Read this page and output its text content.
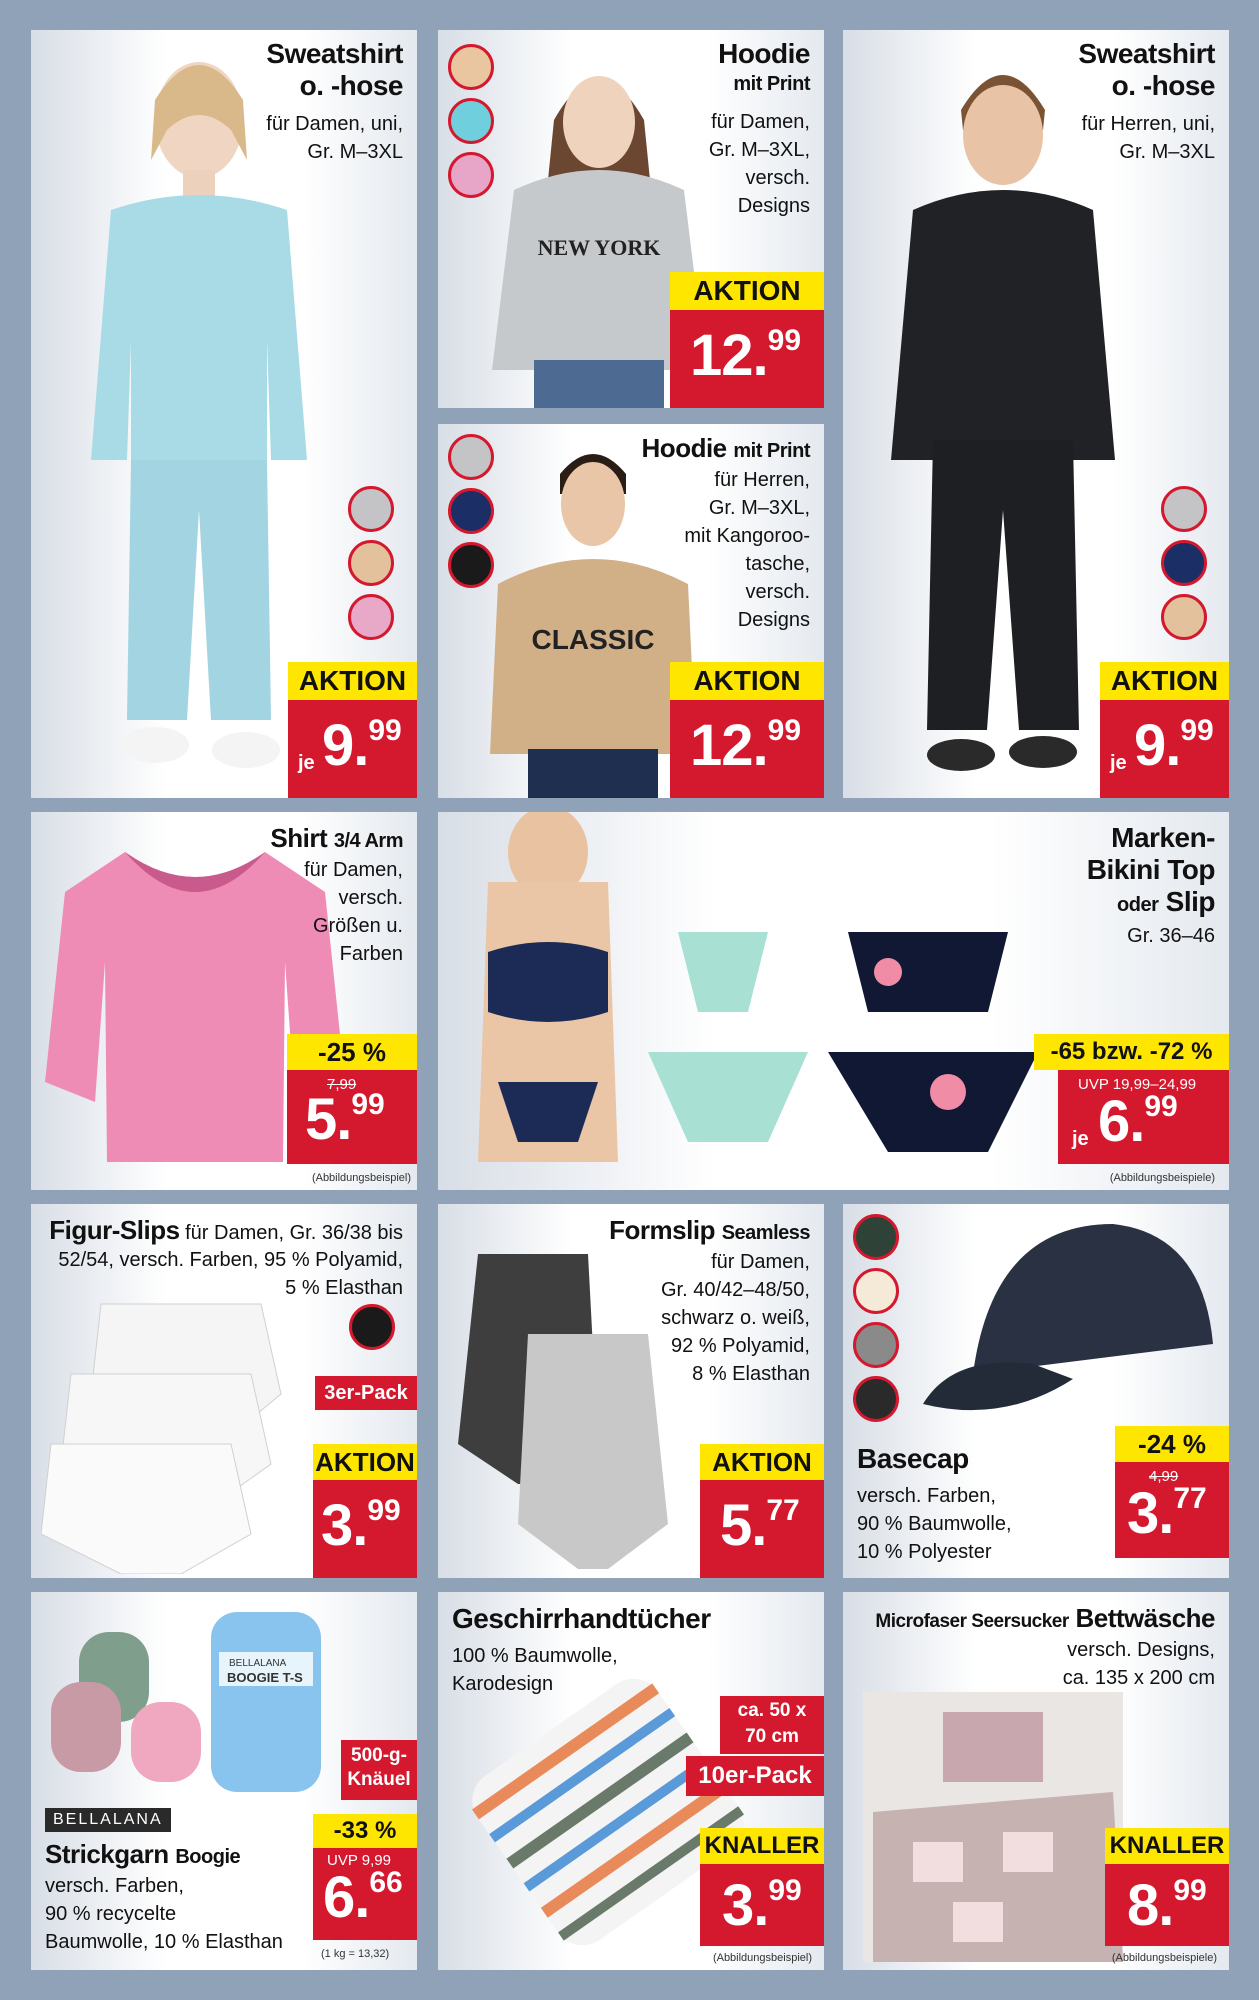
Sweatshirt
o. -hose
für Damen, uni,
Gr. M–3XL
AKTION
je 9.99
NEW YORK
Hoodie
mit Print
für Damen,
Gr. M–3XL,
versch.
Designs
AKTION
12.99
Sweatshirt
o. -hose
für Herren, uni,
Gr. M–3XL
AKTION
je 9.99
CLASSIC
Hoodie mit Print
für Herren,
Gr. M–3XL,
mit Kangoroo-
tasche,
versch.
Designs
AKTION
12.99
Shirt 3/4 Arm
für Damen,
versch.
Größen u.
Farben
-25 %
7,99
5.99
(Abbildungsbeispiel)
Marken-
Bikini Top
oder Slip
Gr. 36–46
-65 bzw. -72 %
UVP 19,99–24,99
je 6.99
(Abbildungsbeispiele)
Figur-Slips für Damen, Gr. 36/38 bis
52/54, versch. Farben, 95 % Polyamid,
5 % Elasthan
3er-Pack
AKTION
3.99
Formslip Seamless
für Damen,
Gr. 40/42–48/50,
schwarz o. weiß,
92 % Polyamid,
8 % Elasthan
AKTION
5.77
Basecap
versch. Farben,
90 % Baumwolle,
10 % Polyester
-24 %
4,99
3.77
BELLALANA
BOOGIE T-S
BELLALANA
Strickgarn Boogie
versch. Farben,
90 % recycelte
Baumwolle, 10 % Elasthan
500-g-
Knäuel
-33 %
UVP 9,99
6.66
(1 kg = 13,32)
Geschirrhandtücher
100 % Baumwolle,
Karodesign
ca. 50 x
70 cm
10er-Pack
KNALLER
3.99
(Abbildungsbeispiel)
Microfaser Seersucker Bettwäsche
versch. Designs,
ca. 135 x 200 cm
KNALLER
8.99
(Abbildungsbeispiele)
